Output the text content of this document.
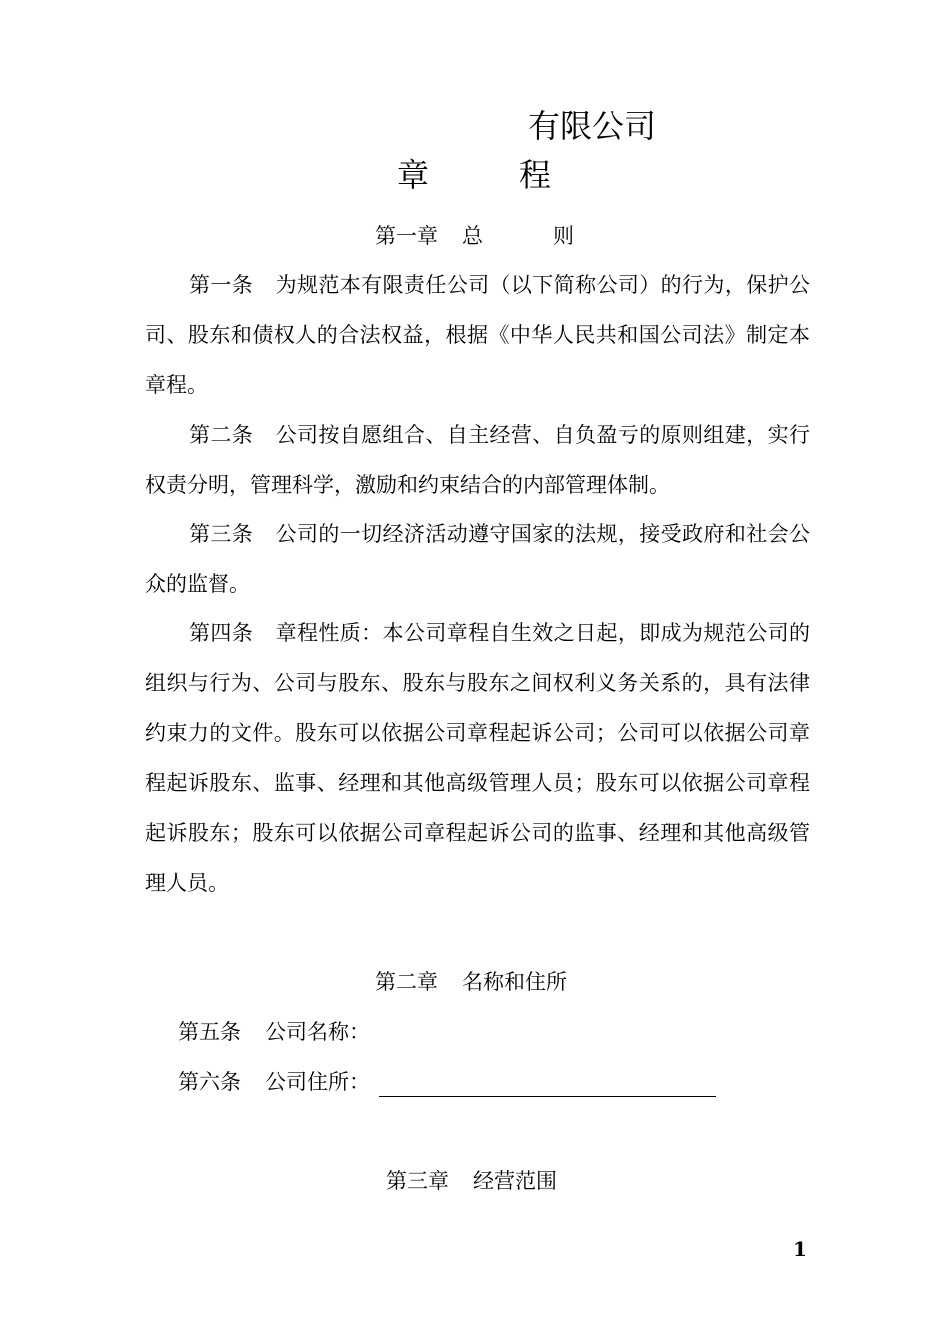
有限公司
章	程
第一章 总	则
第一条 为规范本有限责任公司（以下简称公司）的行为，保护公司、股东和债权人的合法权益，根据《中华人民共和国公司法》制定本章程。
第二条 公司按自愿组合、自主经营、自负盈亏的原则组建，实行权责分明，管理科学，激励和约束结合的内部管理体制。
第三条 公司的一切经济活动遵守国家的法规，接受政府和社会公众的监督。
第四条 章程性质：本公司章程自生效之日起，即成为规范公司的组织与行为、公司与股东、股东与股东之间权利义务关系的，具有法律约束力的文件。股东可以依据公司章程起诉公司；公司可以依据公司章程起诉股东、监事、经理和其他高级管理人员；股东可以依据公司章程起诉股东；股东可以依据公司章程起诉公司的监事、经理和其他高级管理人员。
第二章 名称和住所
第五条 公司名称：
第六条 公司住所：
第三章 经营范围
1
